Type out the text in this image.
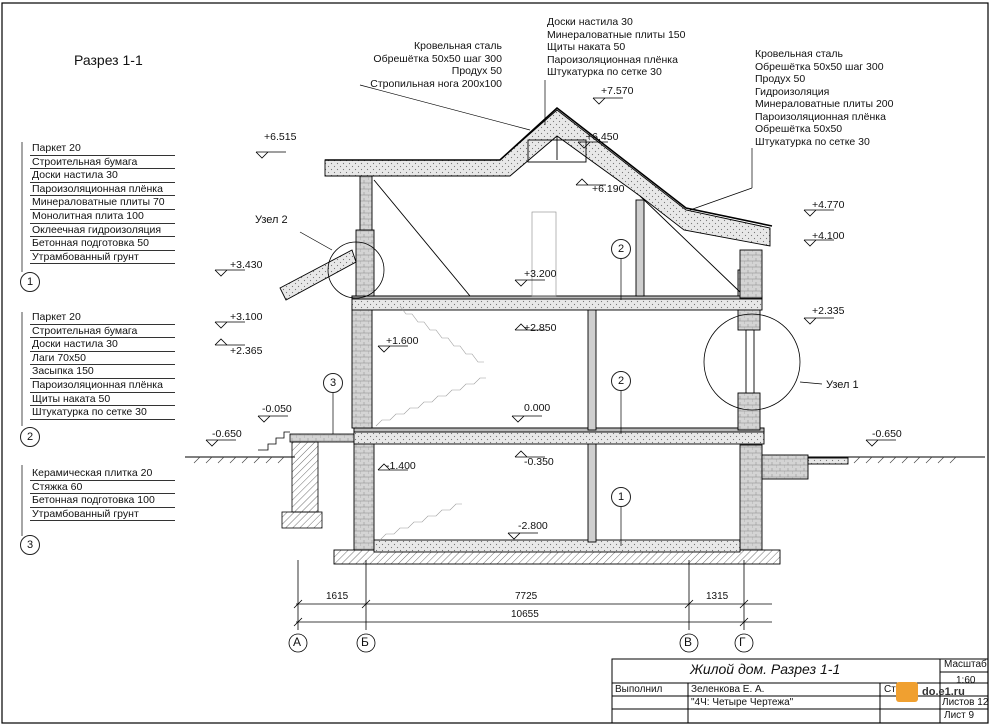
Разрез 1-1
Кровельная сталь
Обрешётка 50x50 шаг 300
Продух 50
Стропильная нога 200x100
Доски настила 30
Минераловатные плиты 150
Щиты наката 50
Пароизоляционная плёнка
Штукатурка по сетке 30
Кровельная сталь
Обрешётка 50x50 шаг 300
Продух 50
Гидроизоляция
Минераловатные плиты 200
Пароизоляционная плёнка
Обрешётка 50x50
Штукатурка по сетке 30
Паркет 20
Строительная бумага
Доски настила 30
Пароизоляционная плёнка
Минераловатные плиты 70
Монолитная плита 100
Оклеечная гидроизоляция
Бетонная подготовка 50
Утрамбованный грунт
1
Паркет 20
Строительная бумага
Доски настила 30
Лаги 70x50
Засыпка 150
Пароизоляционная плёнка
Щиты наката 50
Штукатурка по сетке 30
2
Керамическая плитка 20
Стяжка 60
Бетонная подготовка 100
Утрамбованный грунт
3
+6.515
+7.570
+6.450
+6.190
+4.770
+4.100
+3.430
+3.200
+3.100
+2.850
+2.365
+2.335
+1.600
-0.050	0.000
-0.650	-0.650
-0.350
-1.400
-2.800
Узел 2
Узел 1
2
2
1
3
1615	7725	1315
10655
А	Б	В	Г
Жилой дом. Разрез 1-1	Масштаб
1:60
Выполнил	Зеленкова Е. А.
"4Ч: Четыре Чертежа"
Ст do.e1.ru
Листов 12
Лист 9
